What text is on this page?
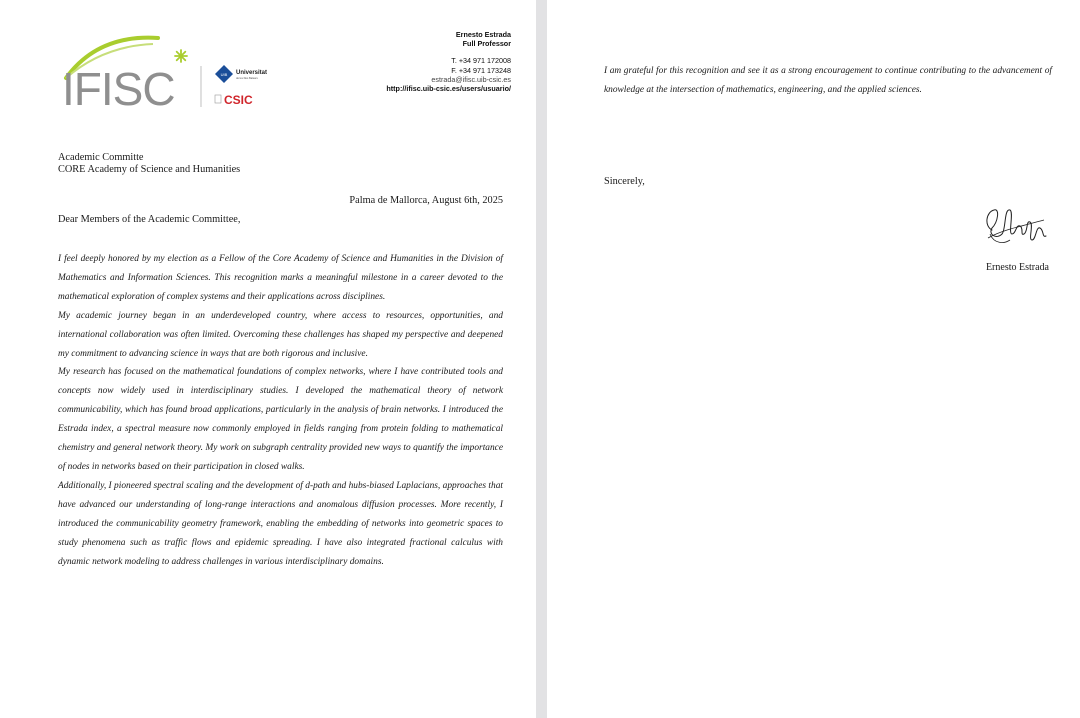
IFISC	UIB Universitat
de les Illes Balears
CSIC
Ernesto Estrada
Full Professor
T. +34 971 172008
F. +34 971 173248
estrada@ifisc.uib-csic.es
http://ifisc.uib-csic.es/users/usuario/
Academic Committe
CORE Academy of Science and Humanities
Palma de Mallorca, August 6th, 2025
Dear Members of the Academic Committee,

I feel deeply honored by my election as a Fellow of the Core Academy of Science and Humanities in the Division of Mathematics and Information Sciences. This recognition marks a meaningful milestone in a career devoted to the mathematical exploration of complex systems and their applications across disciplines.

My academic journey began in an underdeveloped country, where access to resources, opportunities, and international collaboration was often limited. Overcoming these challenges has shaped my perspective and deepened my commitment to advancing science in ways that are both rigorous and inclusive.

My research has focused on the mathematical foundations of complex networks, where I have contributed tools and concepts now widely used in interdisciplinary studies. I developed the mathematical theory of network communicability, which has found broad applications, particularly in the analysis of brain networks. I introduced the Estrada index, a spectral measure now commonly employed in fields ranging from protein folding to mathematical chemistry and general network theory. My work on subgraph centrality provided new ways to quantify the importance of nodes in networks based on their participation in closed walks.

Additionally, I pioneered spectral scaling and the development of d-path and hubs-biased Laplacians, approaches that have advanced our understanding of long-range interactions and anomalous diffusion processes. More recently, I introduced the communicability geometry framework, enabling the embedding of networks into geometric spaces to study phenomena such as traffic flows and epidemic spreading. I have also integrated fractional calculus with dynamic network modeling to address challenges in various interdisciplinary domains.

I am grateful for this recognition and see it as a strong encouragement to continue contributing to the advancement of knowledge at the intersection of mathematics, engineering, and the applied sciences.

Sincerely,
Ernesto Estrada
